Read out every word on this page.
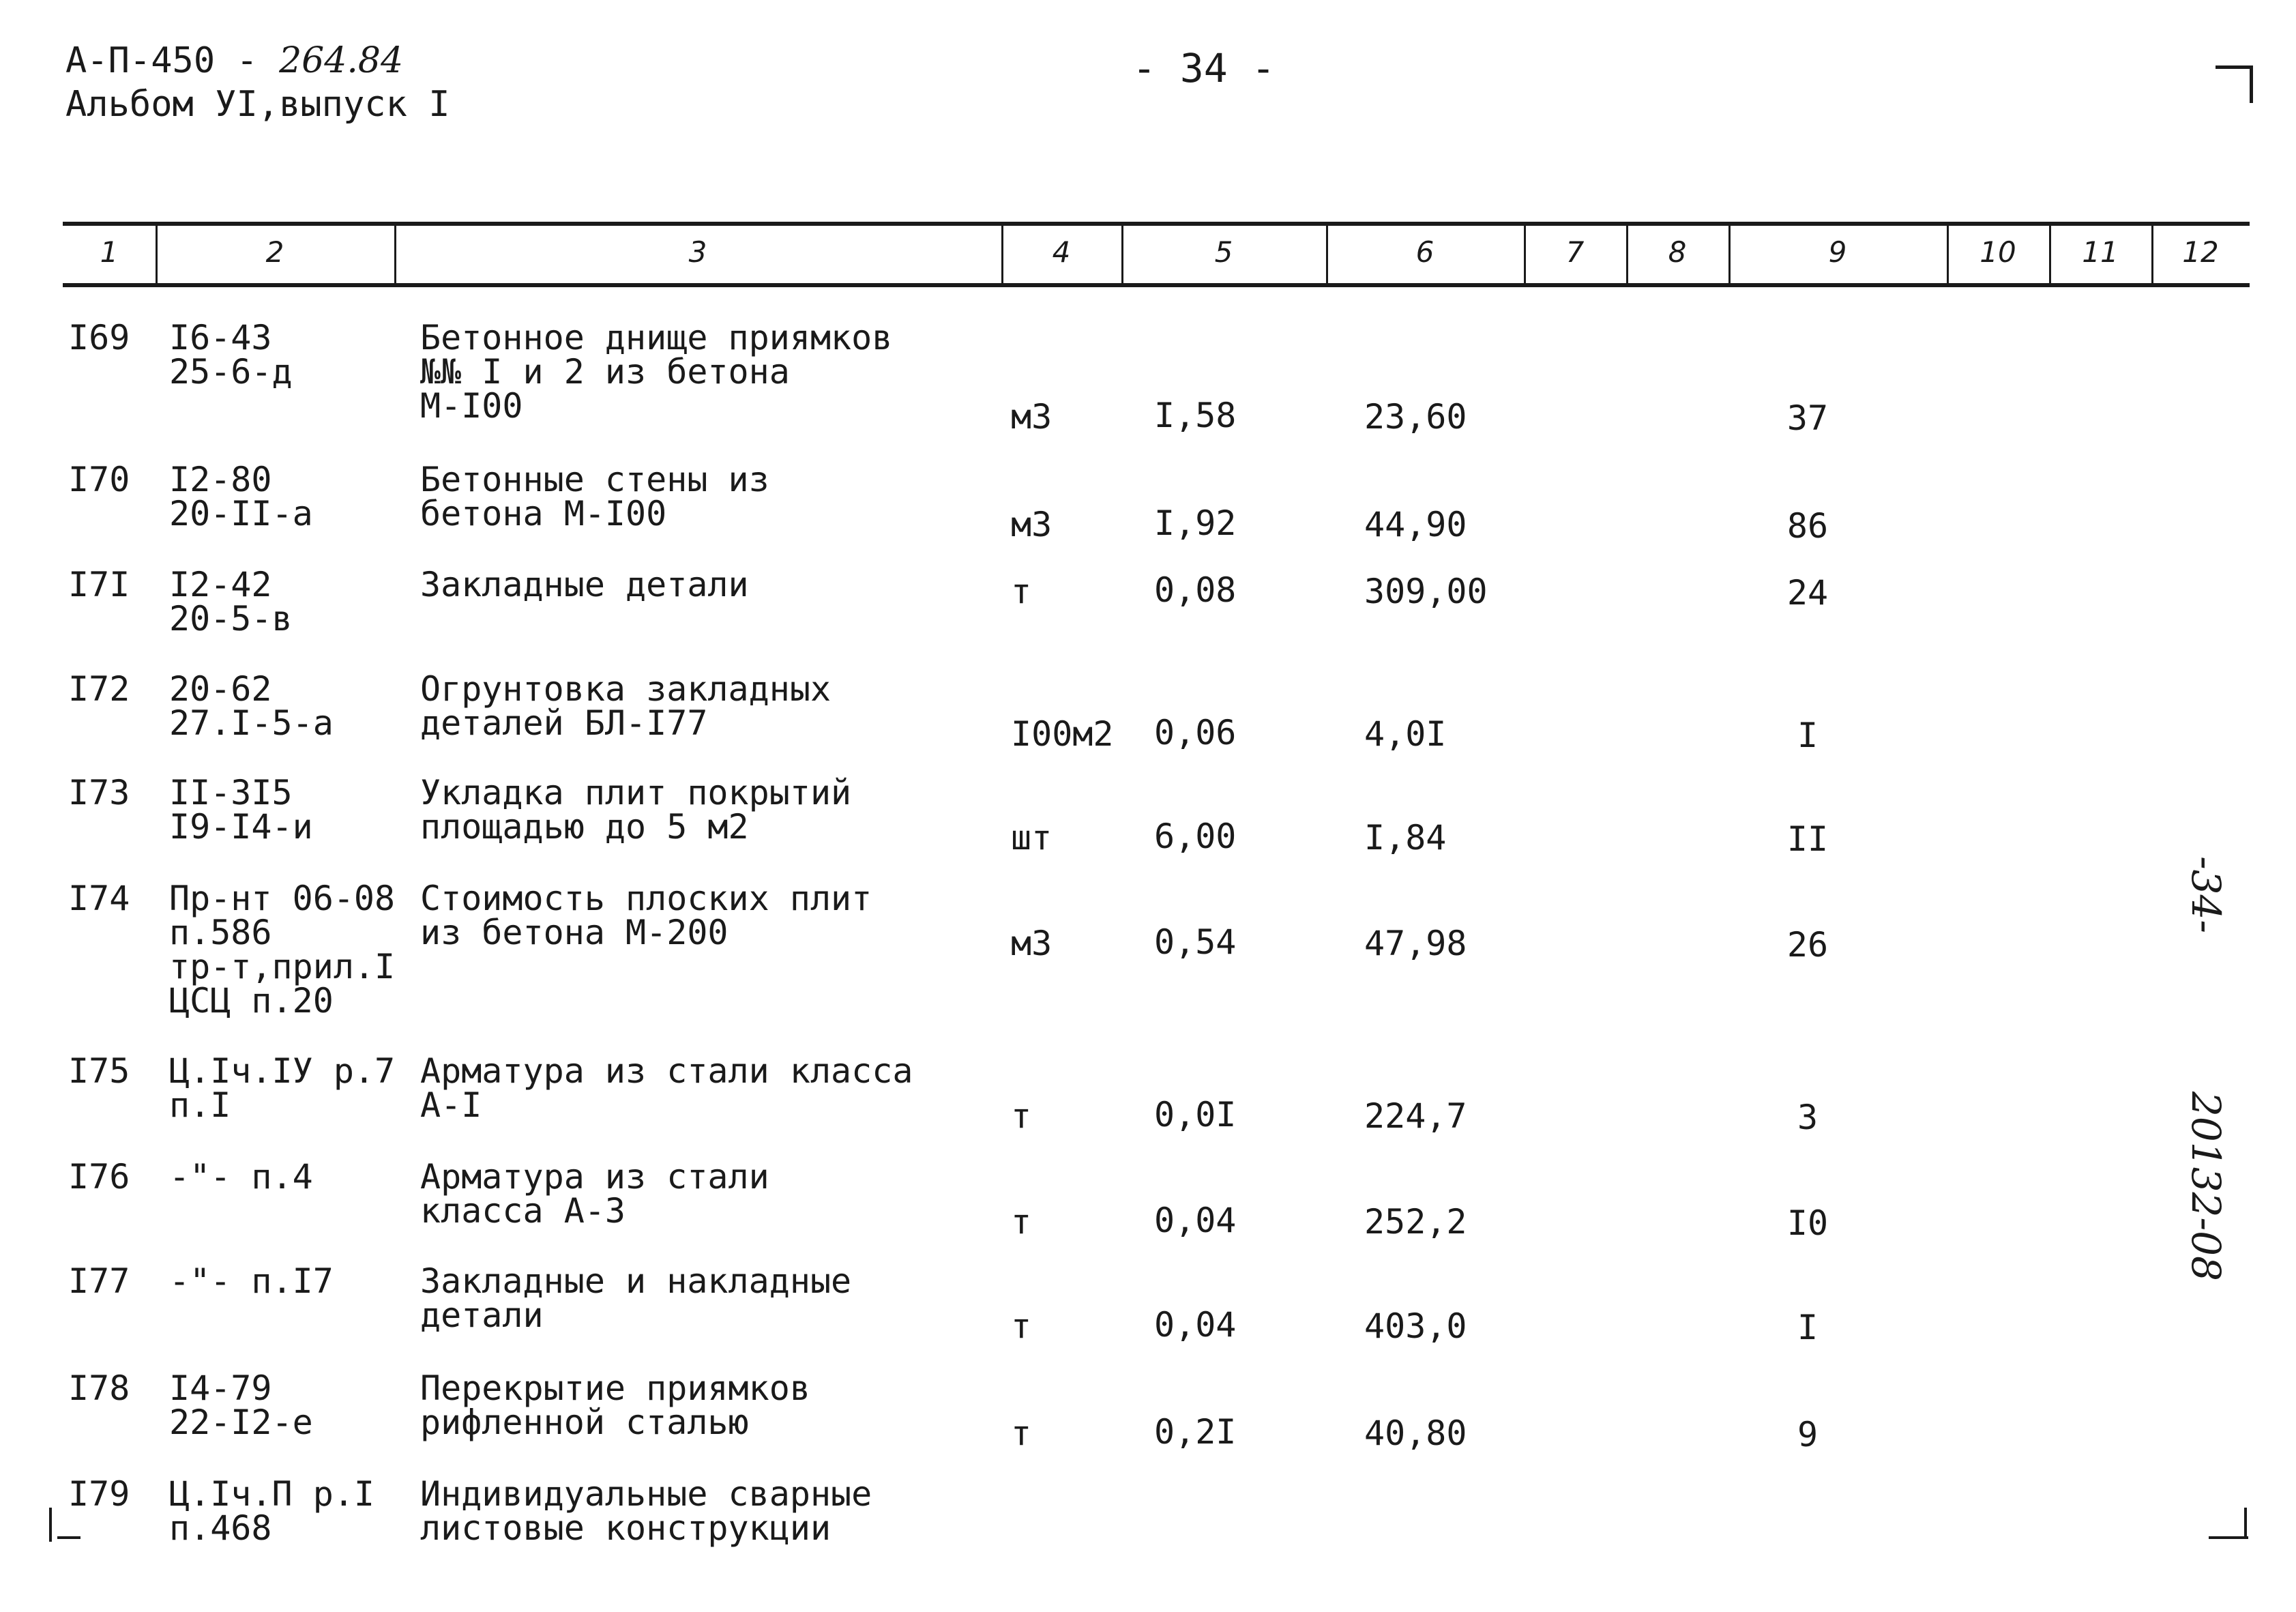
А-П-450 - 264.84
Альбом УI,выпуск I
- 34 -
1	2	3	4	5	6	7	8	9	10	11	12
I69 I6-43
25-6-д
Бетонное днище приямков
№№ I и 2 из бетона
М-I00	м3	I,58	23,60	37
I70 I2-80
20-II-а
Бетонные стены из
бетона М-I00	м3	I,92	44,90	86
I7I I2-42
20-5-в
Закладные детали	т	0,08	309,00	24
I72 20-62
27.I-5-а
Огрунтовка закладных
деталей БЛ-I77	I00м2 0,06	4,0I	I
I73 II-3I5
I9-I4-и
Укладка плит покрытий
площадью до 5 м2	шт	6,00	I,84	II
I74 Пр-нт 06-08
п.586
тр-т,прил.I
ЦСЦ п.20
Стоимость плоских плит
из бетона М-200	м3	0,54	47,98	26
I75 Ц.Iч.IУ р.7
п.I
Арматура из стали класса
А-I	т	0,0I	224,7	3
I76 -"- п.4	Арматура из стали
класса А-3	т	0,04	252,2	I0
I77 -"- п.I7	Закладные и накладные
детали	т	0,04	403,0	I
I78 I4-79
22-I2-е
Перекрытие приямков
рифленной сталью	т	0,2I	40,80	9
I79 Ц.Iч.П р.I
п.468
Индивидуальные сварные
листовые конструкции
-34-
20132-08
